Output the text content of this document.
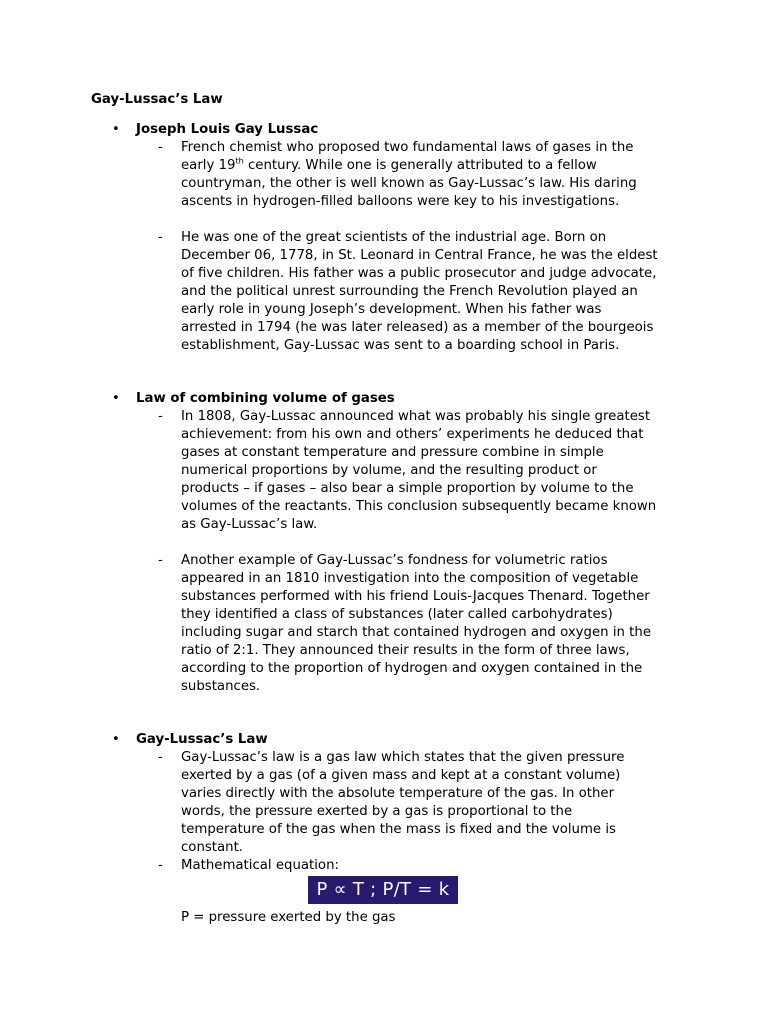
Gay-Lussac’s Law
• Joseph Louis Gay Lussac
-	French chemist who proposed two fundamental laws of gases in the
early 19th century. While one is generally attributed to a fellow
countryman, the other is well known as Gay-Lussac’s law. His daring
ascents in hydrogen-filled balloons were key to his investigations.
-	He was one of the great scientists of the industrial age. Born on
December 06, 1778, in St. Leonard in Central France, he was the eldest
of five children. His father was a public prosecutor and judge advocate,
and the political unrest surrounding the French Revolution played an
early role in young Joseph’s development. When his father was
arrested in 1794 (he was later released) as a member of the bourgeois
establishment, Gay-Lussac was sent to a boarding school in Paris.
• Law of combining volume of gases
-	In 1808, Gay-Lussac announced what was probably his single greatest
achievement: from his own and others’ experiments he deduced that
gases at constant temperature and pressure combine in simple
numerical proportions by volume, and the resulting product or
products – if gases – also bear a simple proportion by volume to the
volumes of the reactants. This conclusion subsequently became known
as Gay-Lussac’s law.
-	Another example of Gay-Lussac’s fondness for volumetric ratios
appeared in an 1810 investigation into the composition of vegetable
substances performed with his friend Louis-Jacques Thenard. Together
they identified a class of substances (later called carbohydrates)
including sugar and starch that contained hydrogen and oxygen in the
ratio of 2:1. They announced their results in the form of three laws,
according to the proportion of hydrogen and oxygen contained in the
substances.
• Gay-Lussac’s Law
-	Gay-Lussac’s law is a gas law which states that the given pressure
exerted by a gas (of a given mass and kept at a constant volume)
varies directly with the absolute temperature of the gas. In other
words, the pressure exerted by a gas is proportional to the
temperature of the gas when the mass is fixed and the volume is
constant.
-	Mathematical equation:
P ∝ T ; P/T = k
P = pressure exerted by the gas
